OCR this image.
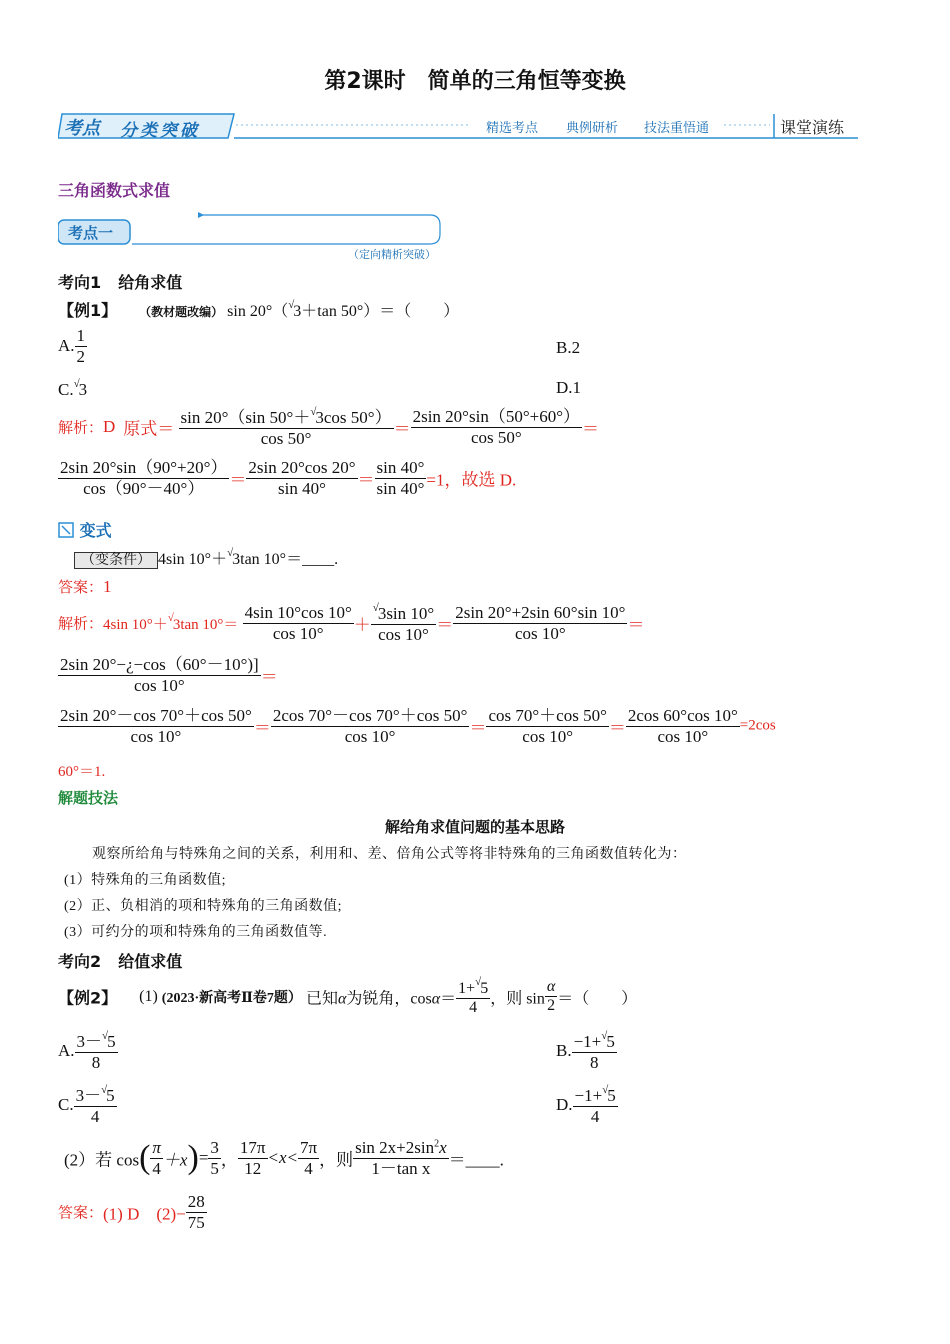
第2课时　简单的三角恒等变换
考点 分类突破	精选考点 典例研析 技法重悟通	课堂演练
三角函数式求值
考点一
（定向精析突破）
考向1 给角求值
【例1】 （教材题改编） sin 20°（√3＋tan 50°）＝（　　）
A. $\frac{1}{2}$	B.2
C.√3	D.1
解析：D 原式＝ $\frac{\sin 20^\circ(\sin 50^\circ+^√3\cos 50^\circ)}{\cos 50^\circ} = \frac{2\sin 20^\circ\sin(50^\circ+60^\circ)}{\cos 50^\circ}$ ＝
$\frac{2\sin 20^\circ\sin(90^\circ+20^\circ)}{\cos(90^\circ-40^\circ)} = \frac{2\sin 20^\circ\cos 20^\circ}{\sin 40^\circ} = \frac{\sin 40^\circ}{\sin 40^\circ} =1$，故选 D.
变式
（变条件） 4sin 10°＋√3tan 10°＝____.
答案：1
解析：4sin 10°＋√3tan $10^\circ= \frac{4\sin 10^\circ\cos 10^\circ}{\cos 10^\circ} + \frac{^√3\sin 10^\circ}{\cos 10^\circ} = \frac{2\sin 20^\circ+2\sin 60^\circ\sin 10^\circ}{\cos 10^\circ}$ ＝
$\frac{2\sin 20^\circ-¿-\cos(60^\circ-10^\circ)]}{\cos 10^\circ}$ ＝
$\frac{2\sin 20^\circ-\cos 70^\circ+\cos 50^\circ}{\cos 10^\circ} = \frac{2\cos 70^\circ-\cos 70^\circ+\cos 50^\circ}{\cos 10^\circ} = \frac{\cos 70^\circ+\cos 50^\circ}{\cos 10^\circ} = \frac{2\cos 60^\circ\cos 10^\circ}{\cos 10^\circ} =2\cos$
60°＝1.
解题技法
解给角求值问题的基本思路
观察所给角与特殊角之间的关系，利用和、差、倍角公式等将非特殊角的三角函数值转化为：
(1）特殊角的三角函数值;
(2）正、负相消的项和特殊角的三角函数值;
(3）可约分的项和特殊角的三角函数值等.
考向2 给值求值
【例2】 (1) (2023·新高考Ⅱ卷7题） 已知α为锐角，$\cos\alpha= \frac{1+^√5}{4}$ ，则 $\sin \frac{\alpha}{2}$ ＝（　　）
A. $\frac{3-^√5}{8}$	B. $\frac{-1+^√5}{8}$
C. $\frac{3-^√5}{4}$	D. $\frac{-1+^√5}{4}$
(2）若 $\cos( \frac{\pi}{4} +x)= \frac{3}{5}$ ， $\frac{17\pi}{12} <x< \frac{7\pi}{4}$ ，则 $\frac{\sin 2x+2\sin^2x}{\text{1－tan x}}$ ＝____.
答案：(1) D　$(2)- \frac{28}{75}$
